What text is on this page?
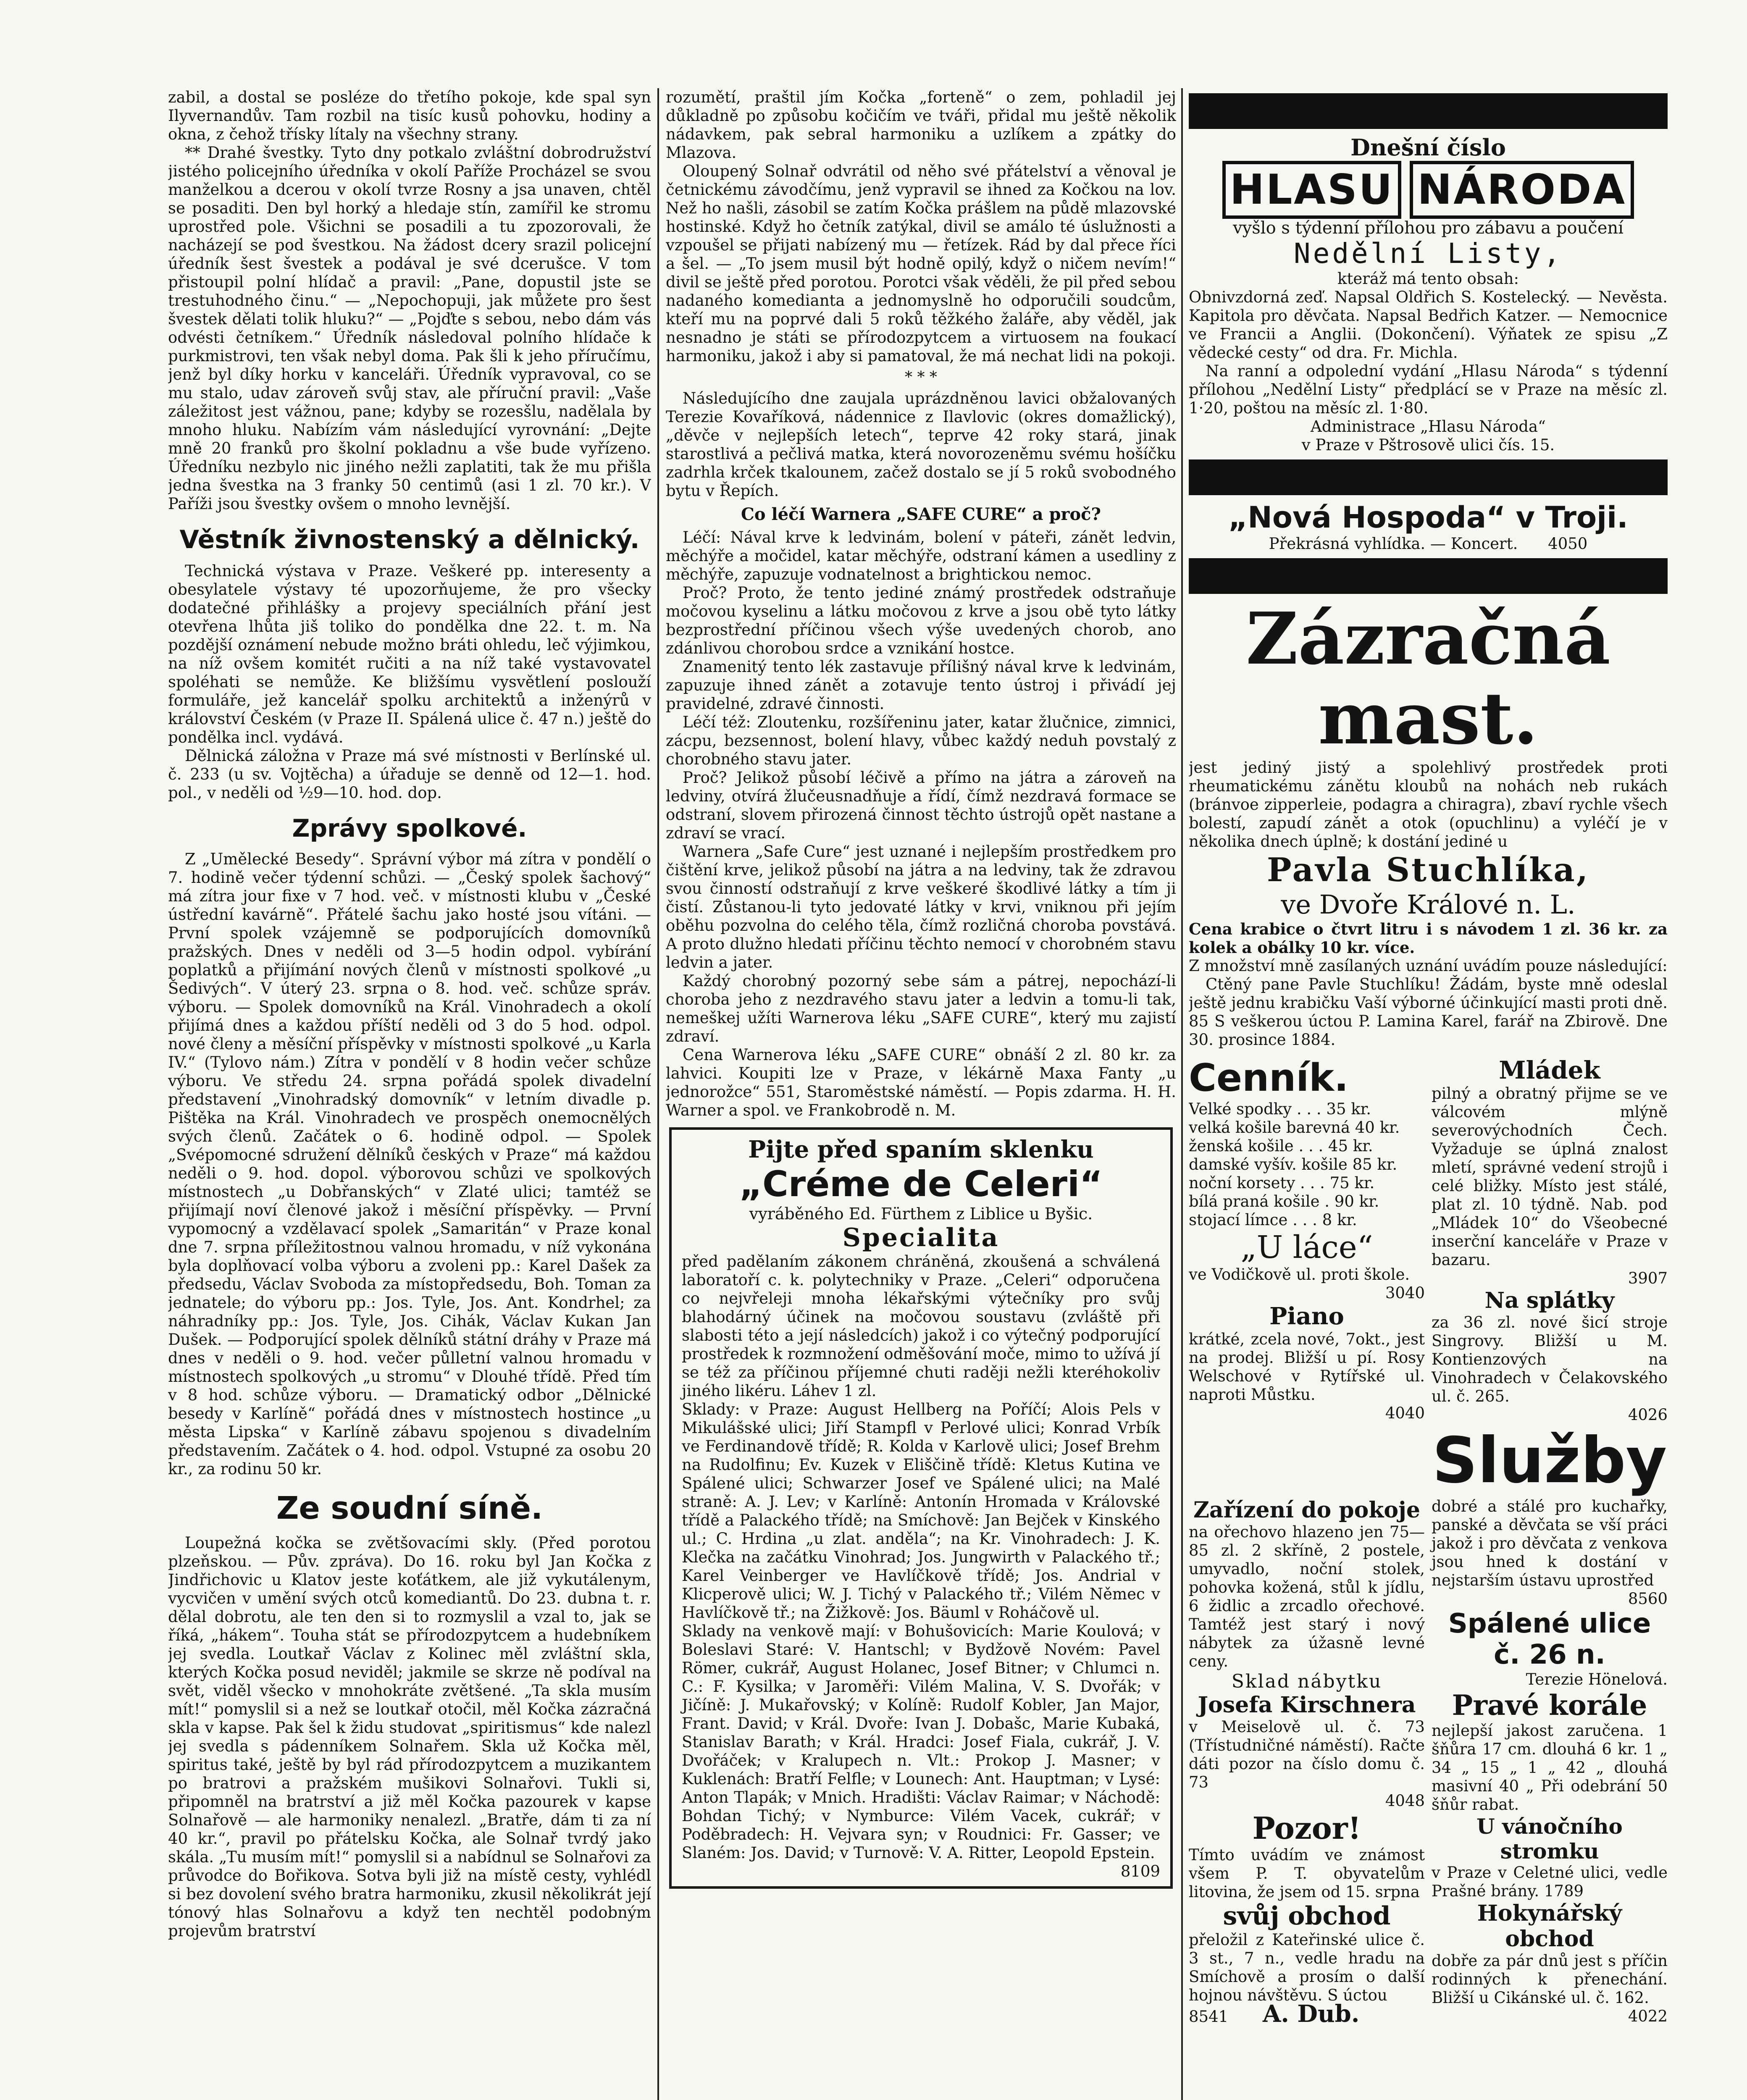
zabil, a dostal se posléze do třetího pokoje, kde spal syn Ilyvernandův. Tam rozbil na tisíc kusů pohovku, hodiny a okna, z čehož třísky lítaly na všechny strany.

** Drahé švestky. Tyto dny potkalo zvláštní dobrodružství jistého policejního úředníka v okolí Paříže Procházel se svou manželkou a dcerou v okolí tvrze Rosny a jsa unaven, chtěl se posaditi. Den byl horký a hledaje stín, zamířil ke stromu uprostřed pole. Všichni se posadili a tu zpozorovali, že nacházejí se pod švestkou. Na žádost dcery srazil policejní úředník šest švestek a podával je své dcerušce. V tom přistoupil polní hlídač a pravil: „Pane, dopustil jste se trestuhodného činu.“ — „Nepochopuji, jak můžete pro šest švestek dělati tolik hluku?“ — „Pojďte s sebou, nebo dám vás odvésti četníkem.“ Úředník následoval polního hlídače k purkmistrovi, ten však nebyl doma. Pak šli k jeho příručímu, jenž byl díky horku v kanceláři. Úředník vypravoval, co se mu stalo, udav zároveň svůj stav, ale příruční pravil: „Vaše záležitost jest vážnou, pane; kdyby se rozesšlu, nadělala by mnoho hluku. Nabízím vám následující vyrovnání: „Dejte mně 20 franků pro školní pokladnu a vše bude vyřízeno. Úředníku nezbylo nic jiného nežli zaplatiti, tak že mu přišla jedna švestka na 3 franky 50 centimů (asi 1 zl. 70 kr.). V Paříži jsou švestky ovšem o mnoho levnější.

Věstník živnostenský a dělnický.

Technická výstava v Praze. Veškeré pp. interesenty a obesylatele výstavy té upozorňujeme, že pro všecky dodatečné přihlášky a projevy speciálních přání jest otevřena lhůta jiš toliko do pondělka dne 22. t. m. Na pozdější oznámení nebude možno bráti ohledu, leč výjimkou, na níž ovšem komitét ručiti a na níž také vystavovatel spoléhati se nemůže. Ke bližšímu vysvětlení poslouží formuláře, jež kancelář spolku architektů a inženýrů v království Českém (v Praze II. Spálená ulice č. 47 n.) ještě do pondělka incl. vydává.

Dělnická záložna v Praze má své místnosti v Berlínské ul. č. 233 (u sv. Vojtěcha) a úřaduje se denně od 12—1. hod. pol., v neděli od ½9—10. hod. dop.

Zprávy spolkové.

Z „Umělecké Besedy“. Správní výbor má zítra v pondělí o 7. hodině večer týdenní schůzi. — „Český spolek šachový“ má zítra jour fixe v 7 hod. več. v místnosti klubu v „České ústřední kavárně“. Přátelé šachu jako hosté jsou vítáni. — První spolek vzájemně se podporujících domovníků pražských. Dnes v neděli od 3—5 hodin odpol. vybírání poplatků a přijímání nových členů v místnosti spolkové „u Šedivých“. V úterý 23. srpna o 8. hod. več. schůze správ. výboru. — Spolek domovníků na Král. Vinohradech a okolí přijímá dnes a každou příští neděli od 3 do 5 hod. odpol. nové členy a měsíční příspěvky v místnosti spolkové „u Karla IV.“ (Tylovo nám.) Zítra v pondělí v 8 hodin večer schůze výboru. Ve středu 24. srpna pořádá spolek divadelní představení „Vinohradský domovník“ v letním divadle p. Pištěka na Král. Vinohradech ve prospěch onemocnělých svých členů. Začátek o 6. hodině odpol. — Spolek „Svépomocné sdružení dělníků českých v Praze“ má každou neděli o 9. hod. dopol. výborovou schůzi ve spolkových místnostech „u Dobřanských“ v Zlaté ulici; tamtéž se přijímají noví členové jakož i měsíční příspěvky. — První vypomocný a vzdělavací spolek „Samaritán“ v Praze konal dne 7. srpna příležitostnou valnou hromadu, v níž vykonána byla doplňovací volba výboru a zvoleni pp.: Karel Dašek za předsedu, Václav Svoboda za místopředsedu, Boh. Toman za jednatele; do výboru pp.: Jos. Tyle, Jos. Ant. Kondrhel; za náhradníky pp.: Jos. Tyle, Jos. Cihák, Václav Kukan Jan Dušek. — Podporující spolek dělníků státní dráhy v Praze má dnes v neděli o 9. hod. večer půlletní valnou hromadu v místnostech spolkových „u stromu“ v Dlouhé třídě. Před tím v 8 hod. schůze výboru. — Dramatický odbor „Dělnické besedy v Karlíně“ pořádá dnes v místnostech hostince „u města Lipska“ v Karlíně zábavu spojenou s divadelním představením. Začátek o 4. hod. odpol. Vstupné za osobu 20 kr., za rodinu 50 kr.

Ze soudní síně.

Loupežná kočka se zvětšovacími skly. (Před porotou plzeňskou. — Pův. zpráva). Do 16. roku byl Jan Kočka z Jindřichovic u Klatov jeste koťátkem, ale již vykutálenym, vycvičen v umění svých otců komediantů. Do 23. dubna t. r. dělal dobrotu, ale ten den si to rozmyslil a vzal to, jak se říká, „hákem“. Touha stát se přírodozpytcem a hudebníkem jej svedla. Loutkař Václav z Kolinec měl zvláštní skla, kterých Kočka posud neviděl; jakmile se skrze ně podíval na svět, viděl všecko v mnohokráte zvětšené. „Ta skla musím mít!“ pomyslil si a než se loutkař otočil, měl Kočka zázračná skla v kapse. Pak šel k židu studovat „spiritismus“ kde nalezl jej svedla s pádenníkem Solnařem. Skla už Kočka měl, spiritus také, ještě by byl rád přírodozpytcem a muzikantem po bratrovi a pražském mušikovi Solnařovi. Tukli si, připomněl na bratrství a již měl Kočka pazourek v kapse Solnařově — ale harmoniky nenalezl. „Bratře, dám ti za ní 40 kr.“, pravil po přátelsku Kočka, ale Solnař tvrdý jako skála. „Tu musím mít!“ pomyslil si a nabídnul se Solnařovi za průvodce do Bořikova. Sotva byli již na místě cesty, vyhlédl si bez dovolení svého bratra harmoniku, zkusil několikrát její tónový hlas Solnařovu a když ten nechtěl podobným projevům bratrství

rozumětí, praštil jím Kočka „forteně“ o zem, pohladil jej důkladně po způsobu kočičím ve tváři, přidal mu ještě několik nádavkem, pak sebral harmoniku a uzlíkem a zpátky do Mlazova.

Oloupený Solnař odvrátil od něho své přátelství a věnoval je četnickému závodčímu, jenž vypravil se ihned za Kočkou na lov. Než ho našli, zásobil se zatím Kočka prášlem na půdě mlazovské hostinské. Když ho četník zatýkal, divil se amálo té úslužnosti a vzpoušel se přijati nabízený mu — řetízek. Rád by dal přece říci a šel. — „To jsem musil být hodně opilý, když o ničem nevím!“ divil se ještě před porotou. Porotci však věděli, že pil před sebou nadaného komedianta a jednomyslně ho odporučili soudcům, kteří mu na poprvé dali 5 roků těžkého žaláře, aby věděl, jak nesnadno je státi se přírodozpytcem a virtuosem na foukací harmoniku, jakož i aby si pamatoval, že má nechat lidi na pokoji.

* * *

Následujícího dne zaujala uprázdněnou lavici obžalovaných Terezie Kovaříková, nádennice z Ilavlovic (okres domažlický), „děvče v nejlepších letech“, teprve 42 roky stará, jinak starostlivá a pečlivá matka, která novorozeněmu svému hošíčku zadrhla krček tkalounem, začež dostalo se jí 5 roků svobodného bytu v Řepích.

Co léčí Warnera „SAFE CURE“ a proč?

Léčí: Nával krve k ledvinám, bolení v páteři, zánět ledvin, měchýře a močidel, katar měchýře, odstraní kámen a usedliny z měchýře, zapuzuje vodnatelnost a brightickou nemoc.

Proč? Proto, že tento jediné známý prostředek odstraňuje močovou kyselinu a látku močovou z krve a jsou obě tyto látky bezprostřední příčinou všech výše uvedených chorob, ano zdánlivou chorobou srdce a vznikání hostce.

Znamenitý tento lék zastavuje přílišný nával krve k ledvinám, zapuzuje ihned zánět a zotavuje tento ústroj i přivádí jej pravidelné, zdravé činnosti.

Léčí též: Zloutenku, rozšířeninu jater, katar žlučnice, zimnici, zácpu, bezsennost, bolení hlavy, vůbec každý neduh povstalý z chorobného stavu jater.

Proč? Jelikož působí léčivě a přímo na játra a zároveň na ledviny, otvírá žlučeusnadňuje a řídí, čímž nezdravá formace se odstraní, slovem přirozená činnost těchto ústrojů opět nastane a zdraví se vrací.

Warnera „Safe Cure“ jest uznané i nejlepším prostředkem pro čištění krve, jelikož působí na játra a na ledviny, tak že zdravou svou činností odstraňují z krve veškeré škodlivé látky a tím ji čistí. Zůstanou-li tyto jedovaté látky v krvi, vniknou při jejím oběhu pozvolna do celého těla, čímž rozličná choroba povstává. A proto dlužno hledati příčinu těchto nemocí v chorobném stavu ledvin a jater.

Každý chorobný pozorný sebe sám a pátrej, nepochází-li choroba jeho z nezdravého stavu jater a ledvin a tomu-li tak, nemeškej užíti Warnerova léku „SAFE CURE“, který mu zajistí zdraví.

Cena Warnerova léku „SAFE CURE“ obnáší 2 zl. 80 kr. za lahvici. Koupiti lze v Praze, v lékárně Maxa Fanty „u jednorožce“ 551, Staroměstské náměstí. — Popis zdarma. H. H. Warner a spol. ve Frankobrodě n. M.

Pijte před spaním sklenku
„Créme de Celeri“
vyráběného Ed. Fürthem z Liblice u Byšic.
Specialita

před padělaním zákonem chráněná, zkoušená a schválená laboratoří c. k. polytechniky v Praze. „Celeri“ odporučena co nejvřeleji mnoha lékařskými výtečníky pro svůj blahodárný účinek na močovou soustavu (zvláště při slabosti této a její následcích) jakož i co výtečný podporující prostředek k rozmnožení odměšování moče, mimo to užívá jí se též za příčinou příjemné chuti raději nežli kteréhokoliv jiného likéru. Láhev 1 zl.

Sklady: v Praze: August Hellberg na Poříčí; Alois Pels v Mikulášské ulici; Jiří Stampfl v Perlové ulici; Konrad Vrbík ve Ferdinandově třídě; R. Kolda v Karlově ulici; Josef Brehm na Rudolfinu; Ev. Kuzek v Eliščině třídě: Kletus Kutina ve Spálené ulici; Schwarzer Josef ve Spálené ulici; na Malé straně: A. J. Lev; v Karlíně: Antonín Hromada v Královské třídě a Palackého třídě; na Smíchově: Jan Bejček v Kinského ul.; C. Hrdina „u zlat. anděla“; na Kr. Vinohradech: J. K. Klečka na začátku Vinohrad; Jos. Jungwirth v Palackého tř.; Karel Veinberger ve Havlíčkově třídě; Jos. Andrial v Klicperově ulici; W. J. Tichý v Palackého tř.; Vilém Němec v Havlíčkově tř.; na Žižkově: Jos. Bäuml v Roháčově ul.

Sklady na venkově mají: v Bohušovicích: Marie Koulová; v Boleslavi Staré: V. Hantschl; v Bydžově Novém: Pavel Römer, cukrář, August Holanec, Josef Bitner; v Chlumci n. C.: F. Kysilka; v Jaroměři: Vilém Malina, V. S. Dvořák; v Jičíně: J. Mukařovský; v Kolíně: Rudolf Kobler, Jan Major, Frant. David; v Král. Dvoře: Ivan J. Dobašc, Marie Kubaká, Stanislav Barath; v Král. Hradci: Josef Fiala, cukrář, J. V. Dvořáček; v Kralupech n. Vlt.: Prokop J. Masner; v Kuklenách: Bratří Felfle; v Lounech: Ant. Hauptman; v Lysé: Anton Tlapák; v Mnich. Hradišti: Václav Raimar; v Náchodě: Bohdan Tichý; v Nymburce: Vilém Vacek, cukrář; v Poděbradech: H. Vejvara syn; v Roudnici: Fr. Gasser; ve Slaném: Jos. David; v Turnově: V. A. Ritter, Leopold Epstein.

8109
Dnešní číslo
HLASU NÁRODA
vyšlo s týdenní přílohou pro zábavu a poučení
Nedělní Listy,
kteráž má tento obsah:

Obnivzdorná zeď. Napsal Oldřich S. Kostelecký. — Nevěsta. Kapitola pro děvčata. Napsal Bedřich Katzer. — Nemocnice ve Francii a Anglii. (Dokončení). Výňatek ze spisu „Z vědecké cesty“ od dra. Fr. Michla.

Na ranní a odpolední vydání „Hlasu Národa“ s týdenní přílohou „Nedělní Listy“ předplácí se v Praze na měsíc zl. 1·20, poštou na měsíc zl. 1·80.

Administrace „Hlasu Národa“
v Praze v Pštrosově ulici čís. 15.
„Nová Hospoda“ v Troji.
Překrásná vyhlídka. — Koncert. 4050
Zázračná
mast.

jest jediný jistý a spolehlivý prostředek proti rheumatickému zánětu kloubů na nohách neb rukách (bránvoe zipperleie, podagra a chiragra), zbaví rychle všech bolestí, zapudí zánět a otok (opuchlinu) a vyléčí je v několika dnech úplně; k dostání jediné u

Pavla Stuchlíka,
ve Dvoře Králové n. L.

Cena krabice o čtvrt litru i s návodem 1 zl. 36 kr. za kolek a obálky 10 kr. více.

Z množství mně zasílaných uznání uvádím pouze následující:

Ctěný pane Pavle Stuchlíku! Žádám, byste mně odeslal ještě jednu krabičku Vaší výborné účinkující masti proti dně. 85 S veškerou úctou P. Lamina Karel, farář na Zbirově. Dne 30. prosince 1884.

Cenník.
Velké spodky . . . 35 kr.
velká košile barevná 40 kr.
ženská košile . . . 45 kr.
damské vyšív. košile 85 kr.
noční korsety . . . 75 kr.
bílá praná košile . 90 kr.
stojací límce . . . 8 kr.
„U láce“
ve Vodičkově ul. proti škole.
3040
Piano

krátké, zcela nové, 7okt., jest na prodej. Bližší u pí. Rosy Welschové v Rytířské ul. naproti Můstku.

4040
Mládek

pilný a obratný přijme se ve válcovém mlýně severovýchodních Čech. Vyžaduje se úplná znalost mletí, správné vedení strojů i celé bližky. Místo jest stálé, plat zl. 10 týdně. Nab. pod „Mládek 10“ do Všeobecné inserční kanceláře v Praze v bazaru.

3907
Na splátky

za 36 zl. nové šicí stroje Singrovy. Bližší u M. Kontienzových na Vinohradech v Čelakovského ul. č. 265.

4026
Služby
Zařízení do pokoje

na ořechovo hlazeno jen 75—85 zl. 2 skříně, 2 postele, umyvadlo, noční stolek, pohovka kožená, stůl k jídlu, 6 židlic a zrcadlo ořechové. Tamtéž jest starý i nový nábytek za úžasně levné ceny.

Sklad nábytku
Josefa Kirschnera

v Meiselově ul. č. 73 (Třístudničné náměstí). Račte dáti pozor na číslo domu č. 73

4048
Pozor!

Tímto uvádím ve známost všem P. T. obyvatelům litovina, že jsem od 15. srpna

svůj obchod

přeložil z Kateřinské ulice č. 3 st., 7 n., vedle hradu na Smíchově a prosím o další hojnou návštěvu. S úctou

8541 A. Dub.

dobré a stálé pro kuchařky, panské a děvčata se vší práci jakož i pro děvčata z venkova jsou hned k dostání v nejstarším ústavu uprostřed

8560
Spálené ulice č. 26 n.
Terezie Hönelová.
Pravé korále

nejlepší jakost zaručena. 1 šňůra 17 cm. dlouhá 6 kr. 1 „ 34 „ 15 „ 1 „ 42 „ dlouhá masivní 40 „ Při odebrání 50 šňůr rabat.

U vánočního stromku

v Praze v Celetné ulici, vedle Prašné brány. 1789

Hokynářský obchod

dobře za pár dnů jest s příčin rodinných k přenechání. Bližší u Cikánské ul. č. 162.

4022
